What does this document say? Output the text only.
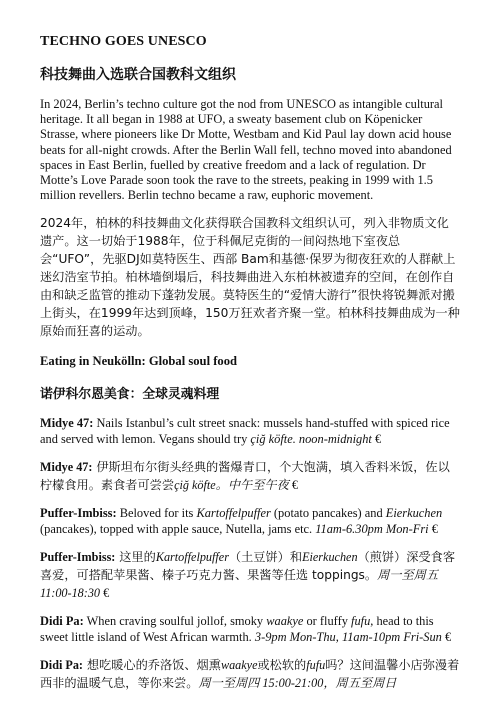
TECHNO GOES UNESCO
科技舞曲入选联合国教科文组织

In 2024, Berlin’s techno culture got the nod from UNESCO as intangible cultural heritage. It all began in 1988 at UFO, a sweaty basement club on Köpenicker Strasse, where pioneers like Dr Motte, Westbam and Kid Paul lay down acid house beats for all-night crowds. After the Berlin Wall fell, techno moved into abandoned spaces in East Berlin, fuelled by creative freedom and a lack of regulation. Dr Motte’s Love Parade soon took the rave to the streets, peaking in 1999 with 1.5 million revellers. Berlin techno became a raw, euphoric movement.

2024年，柏林的科技舞曲文化获得联合国教科文组织认可，列入非物质文化遗产。这一切始于1988年，位于科佩尼克街的一间闷热地下室夜总会“UFO”，先驱DJ如莫特医生、西部 Bam和基德·保罗为彻夜狂欢的人群献上迷幻浩室节拍。柏林墙倒塌后，科技舞曲进入东柏林被遗弃的空间，在创作自由和缺乏监管的推动下蓬勃发展。莫特医生的“爱情大游行”很快将锐舞派对搬上街头，在1999年达到顶峰，150万狂欢者齐聚一堂。柏林科技舞曲成为一种原始而狂喜的运动。

Eating in Neukölln: Global soul food
诺伊科尔恩美食：全球灵魂料理

Midye 47: Nails Istanbul’s cult street snack: mussels hand-stuffed with spiced rice and served with lemon. Vegans should try çiğ köfte. noon-midnight €

Midye 47: 伊斯坦布尔街头经典的酱爆青口，个大饱满，填入香料米饭，佐以柠檬食用。素食者可尝尝çiğ köfte。中午至午夜 €

Puffer-Imbiss: Beloved for its Kartoffelpuffer (potato pancakes) and Eierkuchen (pancakes), topped with apple sauce, Nutella, jams etc. 11am-6.30pm Mon-Fri €

Puffer-Imbiss: 这里的Kartoffelpuffer（土豆饼）和Eierkuchen（煎饼）深受食客喜爱，可搭配苹果酱、榛子巧克力酱、果酱等任选 toppings。周一至周五 11:00-18:30 €

Didi Pa: When craving soulful jollof, smoky waakye or fluffy fufu, head to this sweet little island of West African warmth. 3-9pm Mon-Thu, 11am-10pm Fri-Sun €

Didi Pa: 想吃暖心的乔洛饭、烟熏waakye或松软的fufu吗？这间温馨小店弥漫着西非的温暖气息，等你来尝。周一至周四 15:00-21:00，周五至周日
